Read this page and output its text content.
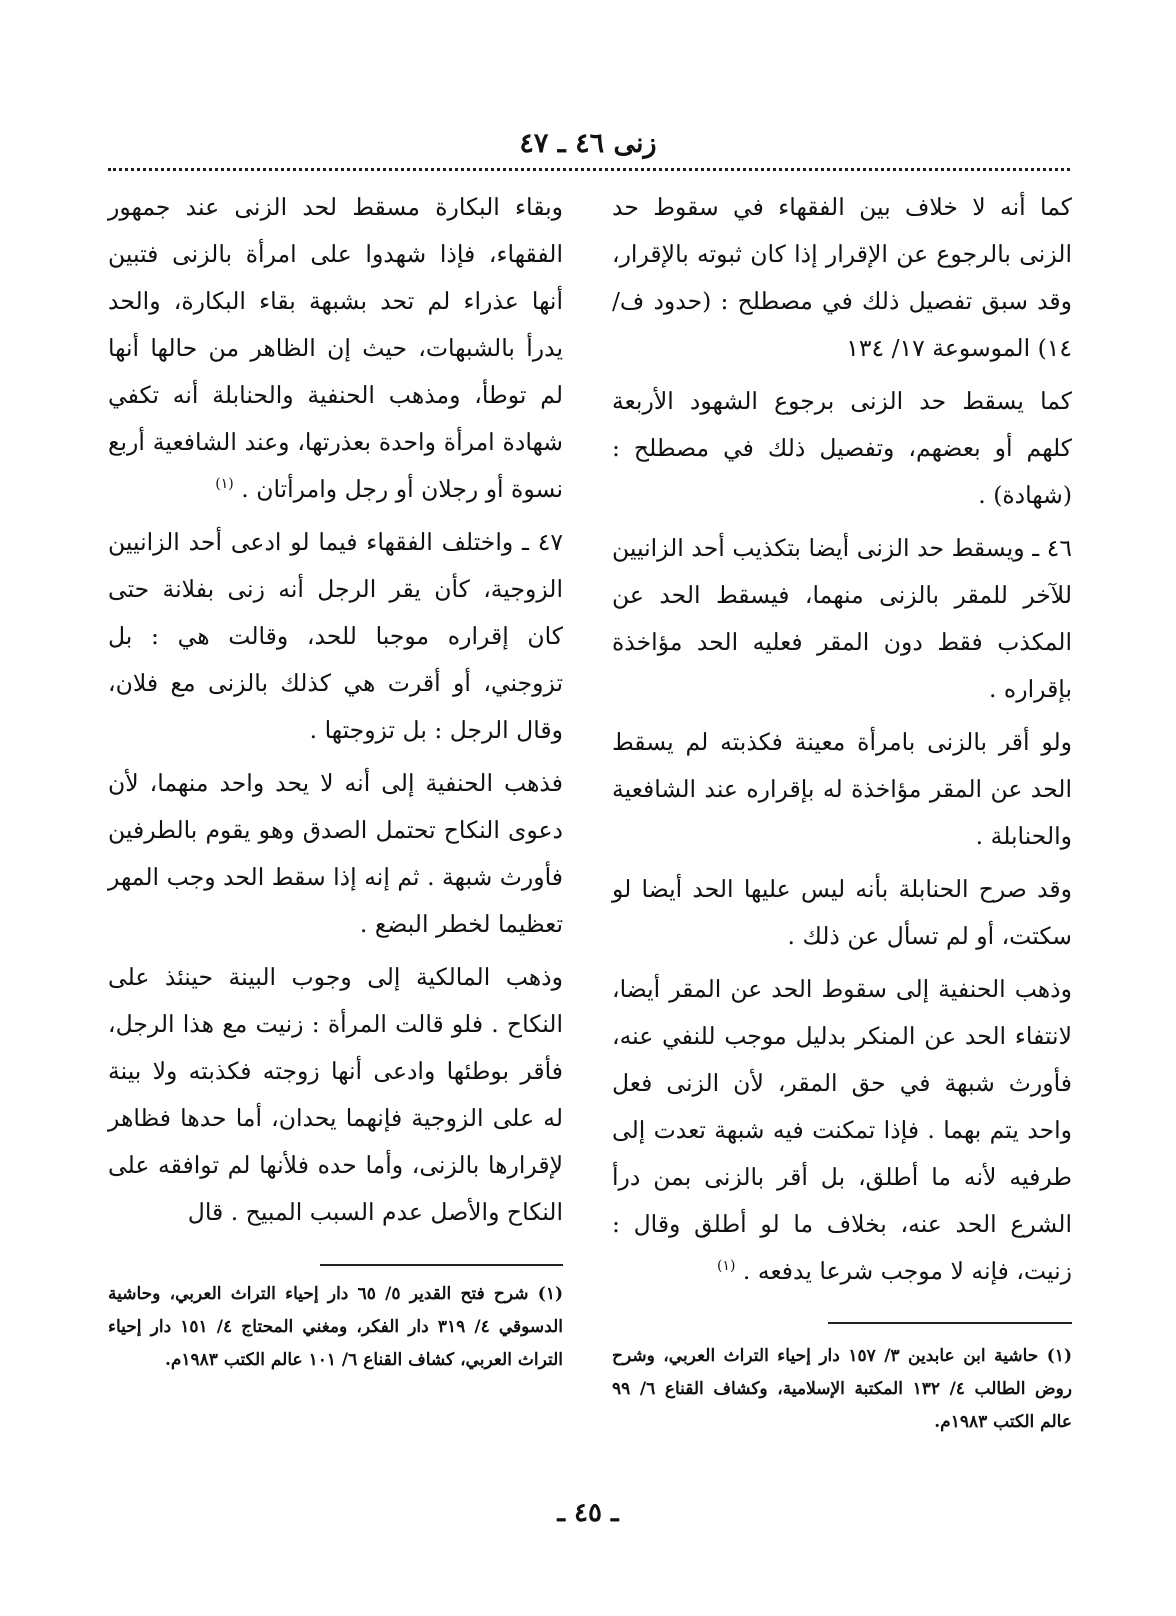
زنى ٤٦ ـ ٤٧

كما أنه لا خلاف بين الفقهاء في سقوط حد الزنى بالرجوع عن الإقرار إذا كان ثبوته بالإقرار، وقد سبق تفصيل ذلك في مصطلح : (حدود ف/١٤) الموسوعة ١٧/ ١٣٤

كما يسقط حد الزنى برجوع الشهود الأربعة كلهم أو بعضهم، وتفصيل ذلك في مصطلح : (شهادة) .

٤٦ ـ ويسقط حد الزنى أيضا بتكذيب أحد الزانيين للآخر للمقر بالزنى منهما، فيسقط الحد عن المكذب فقط دون المقر فعليه الحد مؤاخذة بإقراره .

ولو أقر بالزنى بامرأة معينة فكذبته لم يسقط الحد عن المقر مؤاخذة له بإقراره عند الشافعية والحنابلة .

وقد صرح الحنابلة بأنه ليس عليها الحد أيضا لو سكتت، أو لم تسأل عن ذلك .

وذهب الحنفية إلى سقوط الحد عن المقر أيضا، لانتفاء الحد عن المنكر بدليل موجب للنفي عنه، فأورث شبهة في حق المقر، لأن الزنى فعل واحد يتم بهما . فإذا تمكنت فيه شبهة تعدت إلى طرفيه لأنه ما أطلق، بل أقر بالزنى بمن درأ الشرع الحد عنه، بخلاف ما لو أطلق وقال : زنيت، فإنه لا موجب شرعا يدفعه . $^{(١)}$

وبقاء البكارة مسقط لحد الزنى عند جمهور الفقهاء، فإذا شهدوا على امرأة بالزنى فتبين أنها عذراء لم تحد بشبهة بقاء البكارة، والحد يدرأ بالشبهات، حيث إن الظاهر من حالها أنها لم توطأ، ومذهب الحنفية والحنابلة أنه تكفي شهادة امرأة واحدة بعذرتها، وعند الشافعية أربع نسوة أو رجلان أو رجل وامرأتان . $^{(١)}$

٤٧ ـ واختلف الفقهاء فيما لو ادعى أحد الزانيين الزوجية، كأن يقر الرجل أنه زنى بفلانة حتى كان إقراره موجبا للحد، وقالت هي : بل تزوجني، أو أقرت هي كذلك بالزنى مع فلان، وقال الرجل : بل تزوجتها .

فذهب الحنفية إلى أنه لا يحد واحد منهما، لأن دعوى النكاح تحتمل الصدق وهو يقوم بالطرفين فأورث شبهة . ثم إنه إذا سقط الحد وجب المهر تعظيما لخطر البضع .

وذهب المالكية إلى وجوب البينة حينئذ على النكاح . فلو قالت المرأة : زنيت مع هذا الرجل، فأقر بوطئها وادعى أنها زوجته فكذبته ولا بينة له على الزوجية فإنهما يحدان، أما حدها فظاهر لإقرارها بالزنى، وأما حده فلأنها لم توافقه على النكاح والأصل عدم السبب المبيح . قال

(١) حاشية ابن عابدين ٣/ ١٥٧ دار إحياء التراث العربي، وشرح روض الطالب ٤/ ١٣٢ المكتبة الإسلامية، وكشاف القناع ٦/ ٩٩ عالم الكتب ١٩٨٣م.
(١) شرح فتح القدير ٥/ ٦٥ دار إحياء التراث العربي، وحاشية الدسوقي ٤/ ٣١٩ دار الفكر، ومغني المحتاج ٤/ ١٥١ دار إحياء التراث العربي، كشاف القناع ٦/ ١٠١ عالم الكتب ١٩٨٣م.
ـ ٤٥ ـ
